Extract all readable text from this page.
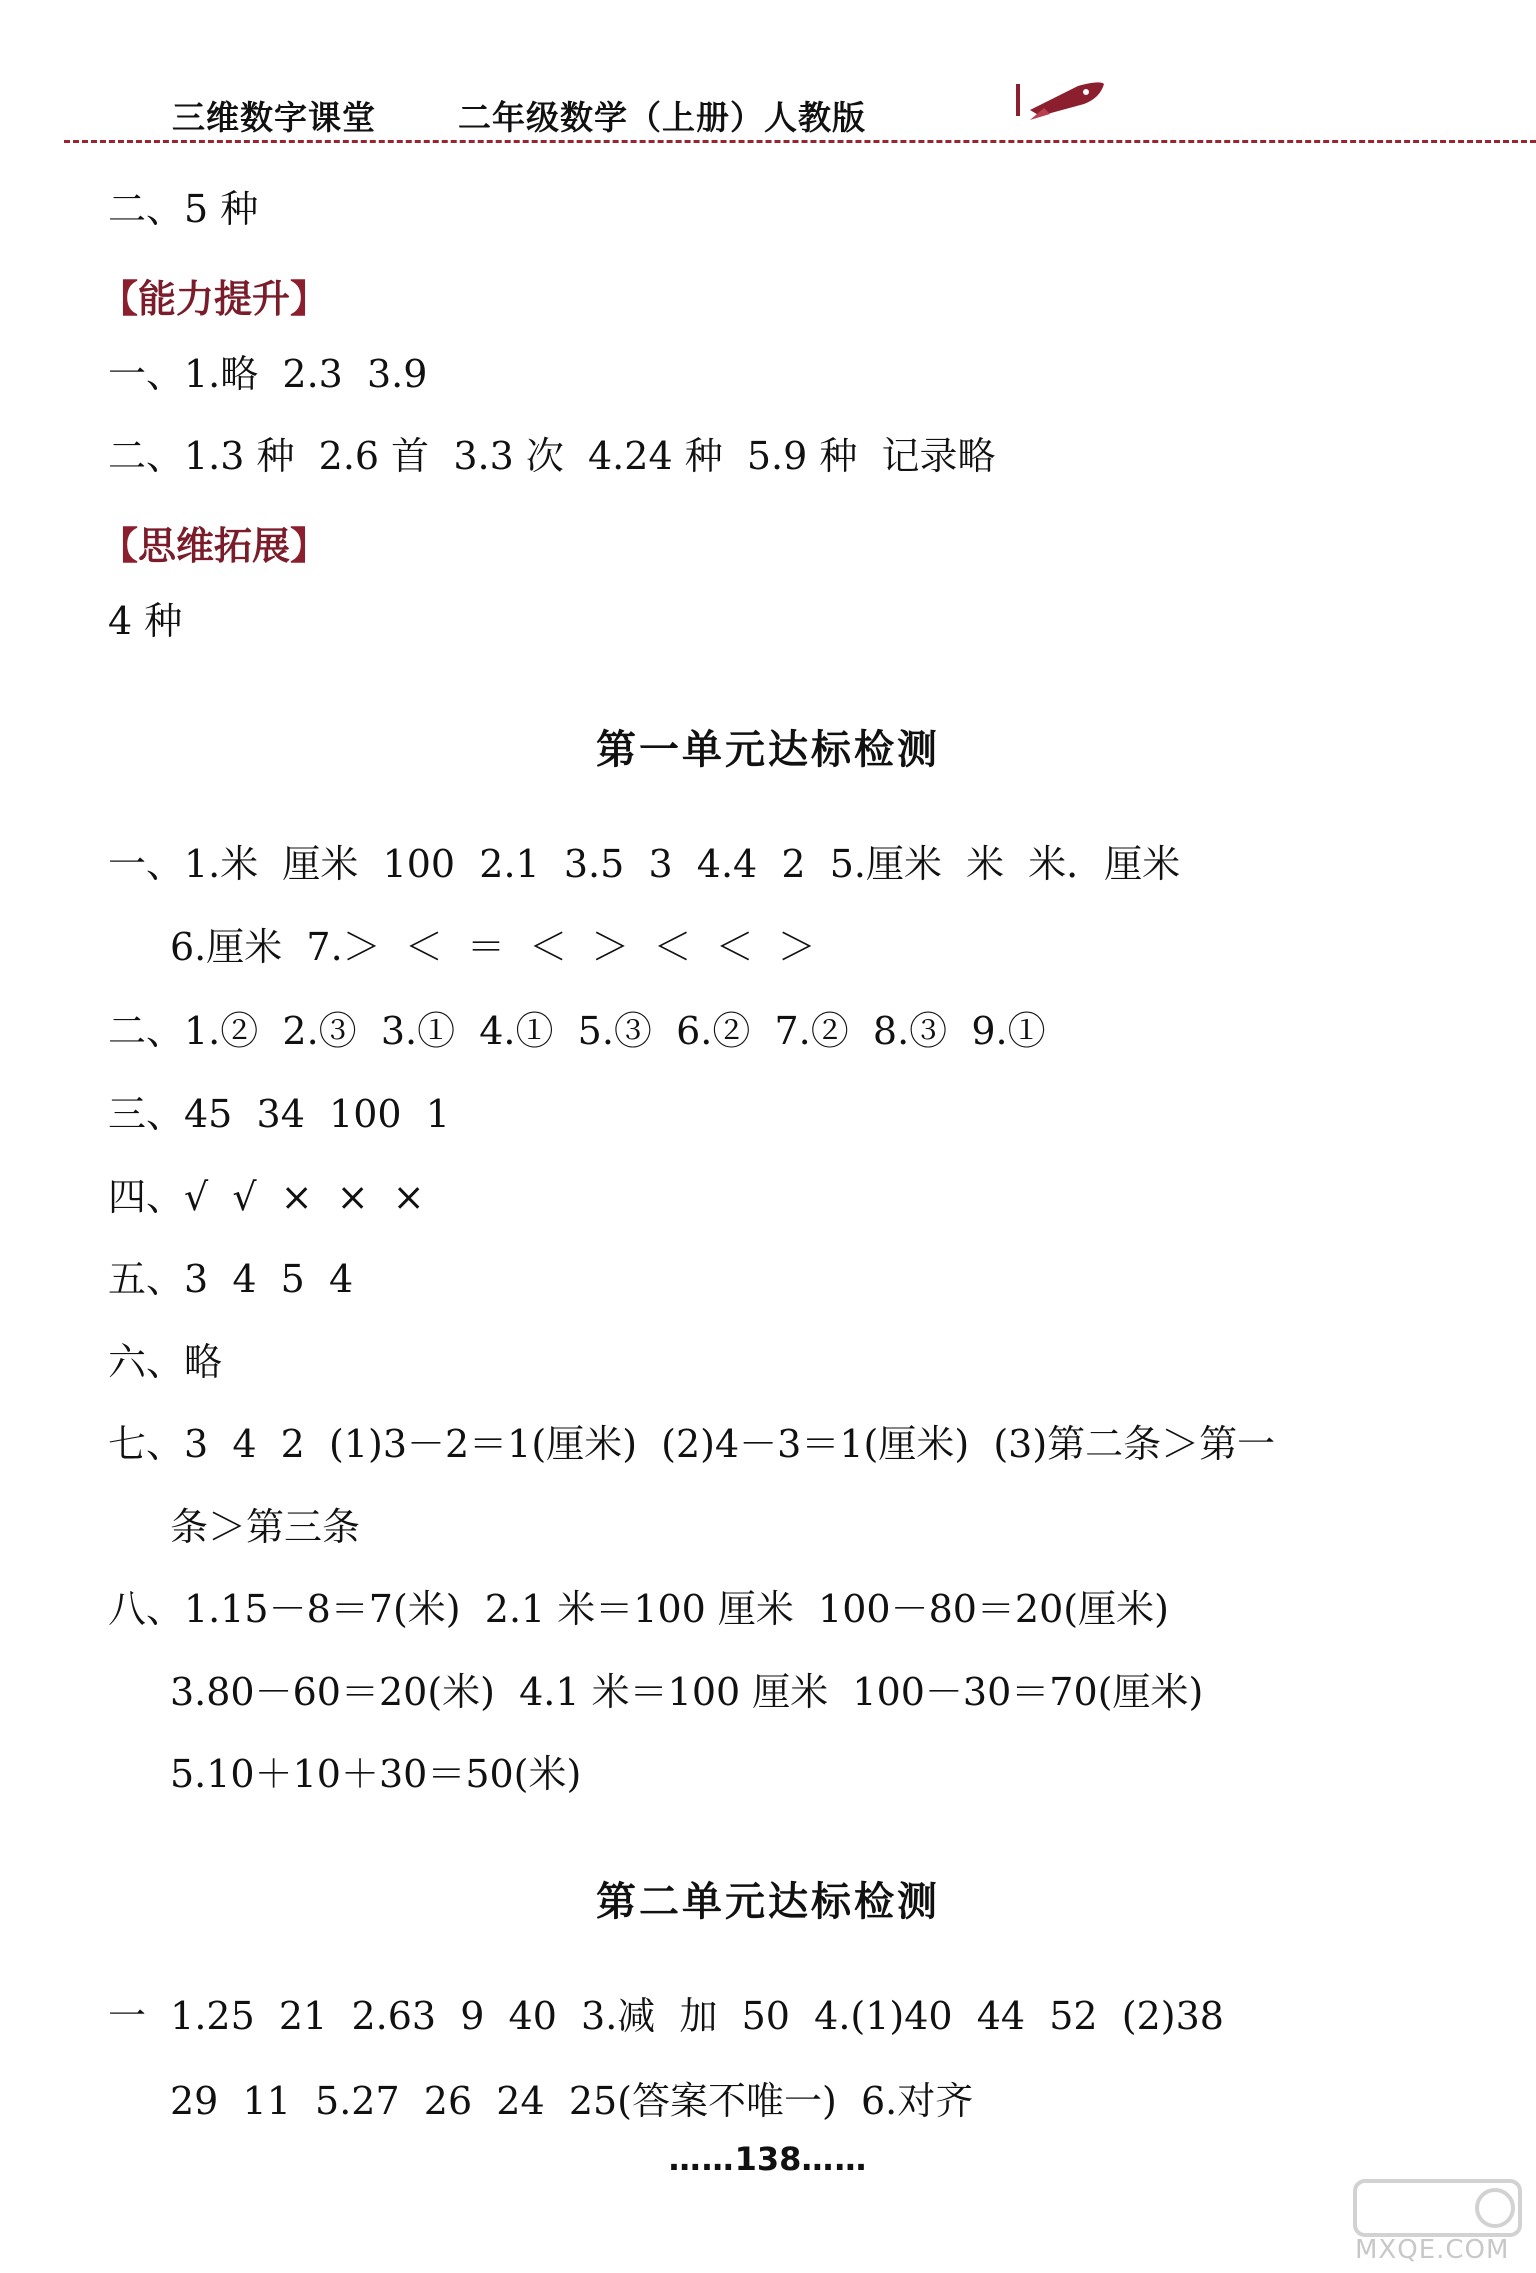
三维数字课堂 二年级数学（上册）人教版
二、5 种
【能力提升】
一、1.略  2.3  3.9
二、1.3 种  2.6 首  3.3 次  4.24 种  5.9 种  记录略
【思维拓展】
4 种
第一单元达标检测
一、1.米  厘米  100  2.1  3.5  3  4.4  2  5.厘米  米  米．厘米
6.厘米  7.＞  ＜  ＝  ＜  ＞  ＜  ＜  ＞
二、1.②  2.③  3.①  4.①  5.③  6.②  7.②  8.③  9.①
三、45  34  100  1
四、√  √  ×  ×  ×
五、3  4  5  4
六、略
七、3  4  2  (1)3－2＝1(厘米)  (2)4－3＝1(厘米)  (3)第二条＞第一
条＞第三条
八、1.15－8＝7(米)  2.1 米＝100 厘米  100－80＝20(厘米)
3.80－60＝20(米)  4.1 米＝100 厘米  100－30＝70(厘米)
5.10＋10＋30＝50(米)
第二单元达标检测
一  1.25  21  2.63  9  40  3.减  加  50  4.(1)40  44  52  (2)38
29  11  5.27  26  24  25(答案不唯一)  6.对齐
……138……
MXQE.COM
